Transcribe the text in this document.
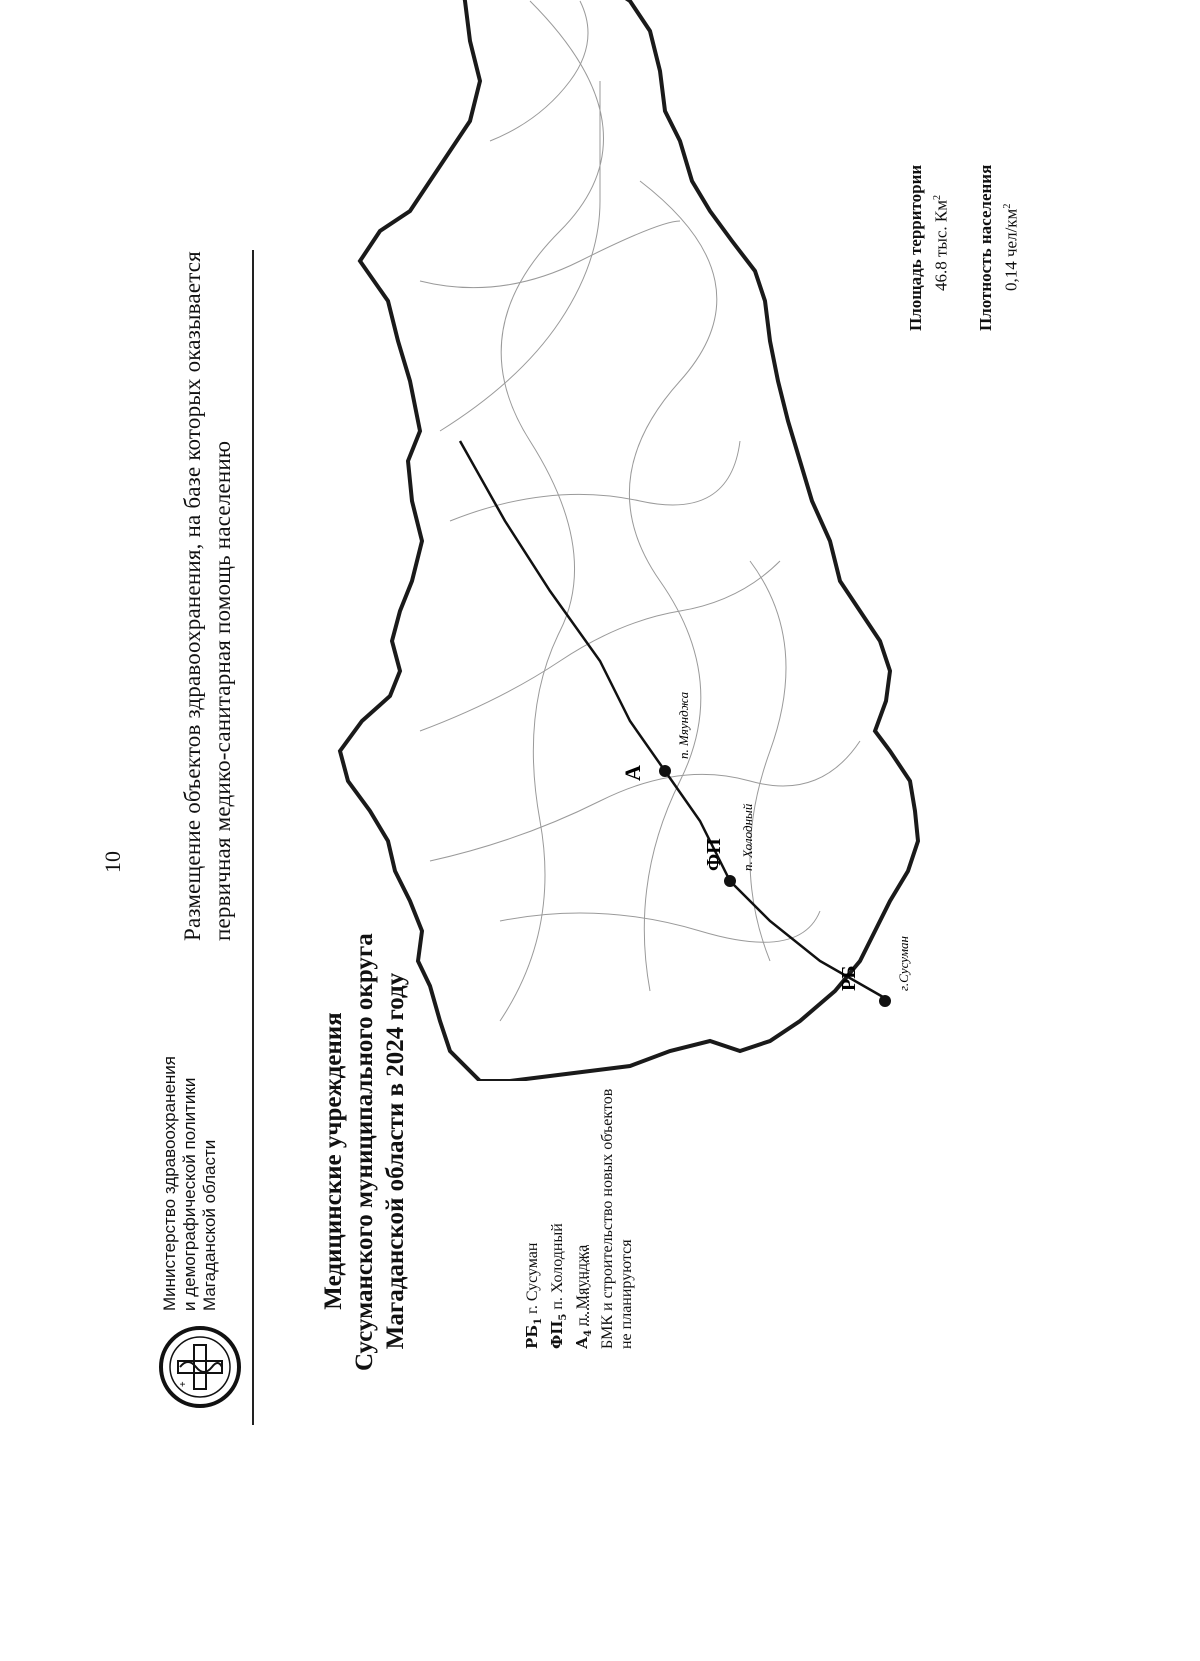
10
+
Министерство здравоохранения и демографической политики Магаданской области
Размещение объектов здравоохранения, на базе которых оказывается первичная медико-санитарная помощь населению
Медицинские учреждения Сусуманского муниципального округа Магаданской области в 2024 году	$РБ_1г$. Сусуман
$ФП_5п$. Холодный
$А_4п$. Мяунджа БМК и строительство новых объектов не планируются
РБ	г.Сусуман
ФП п. Холодный
А
п. Мяунджа
Площадь территории 46.8 тыс. $Км^2$	Плотность населения 0,14 чел/$км^2$
